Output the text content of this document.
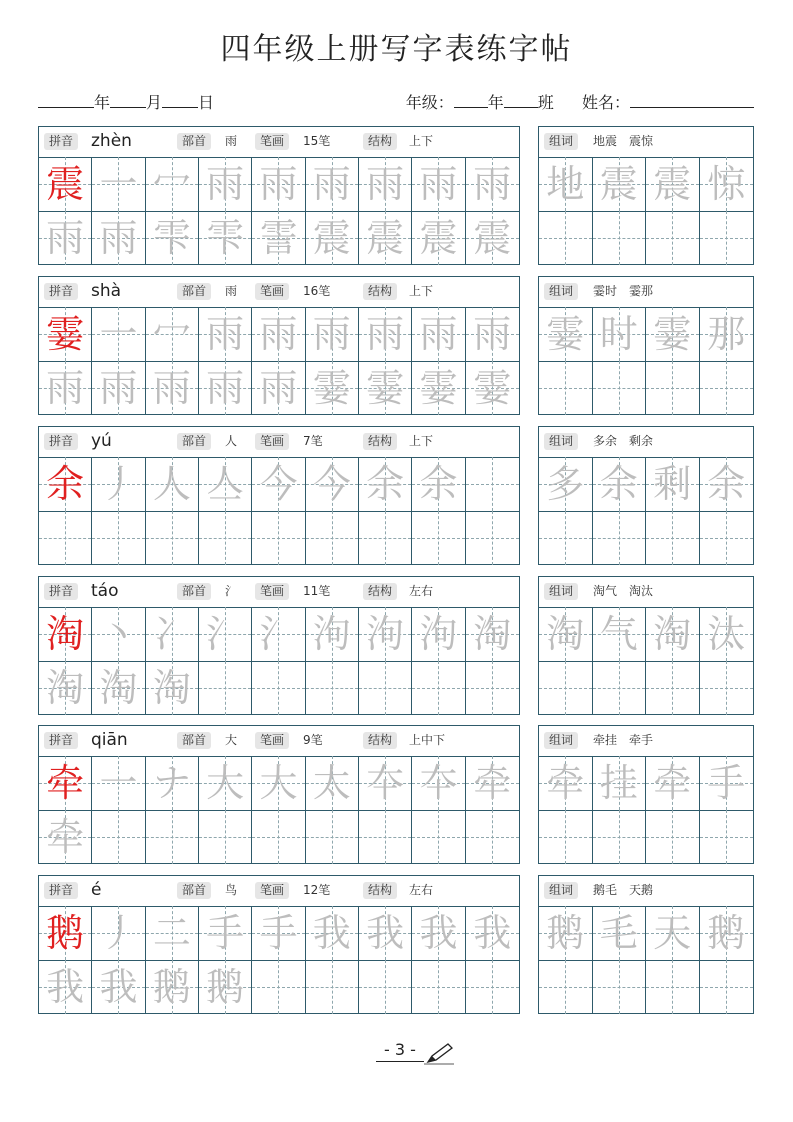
四年级上册写字表练字帖
年 月 日	年级： 年 班 姓名：
拼音 zhèn	部首	雨	笔画	15笔	结构	上下
震 一 冖 雨 雨 雨 雨 雨 雨
雨 雨 雫 雫 霅 震 震 震 震
组词	地震　震惊
地 震 震 惊
拼音 shà	部首	雨	笔画	16笔	结构	上下
霎 一 冖 雨 雨 雨 雨 雨 雨
雨 雨 雨 雨 雨 霎 霎 霎 霎
组词	霎时　霎那
霎 时 霎 那
拼音 yú	部首	人	笔画	7笔	结构	上下
余 丿 人 亼 今 今 余 余
组词	多余　剩余
多 余 剩 余
拼音 táo	部首	氵	笔画	11笔	结构	左右
淘 丶 冫 氵 氵 泃 泃 泃 淘
淘 淘 淘
组词	淘气　淘汰
淘 气 淘 汰
拼音 qiān	部首	大	笔画	9笔	结构	上中下
牵 一 ナ 大 大 太 夲 夲 牵
牵
组词	牵挂　牵手
牵 挂 牵 手
拼音 é	部首	鸟	笔画	12笔	结构	左右
鹅 丿 二 手 手 我 我 我 我
我 我 鹅 鹅
组词	鹅毛　天鹅
鹅 毛 天 鹅
- 3 -
